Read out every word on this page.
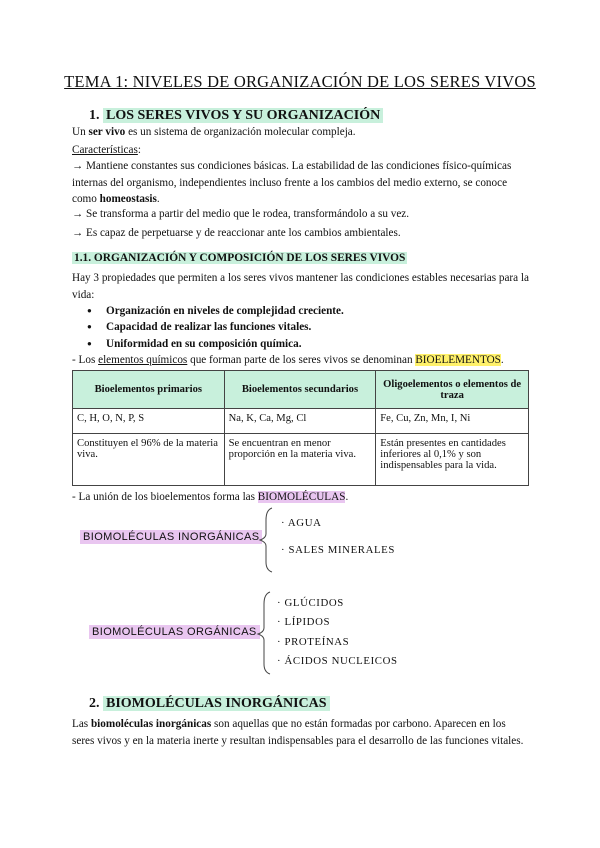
TEMA 1: NIVELES DE ORGANIZACIÓN DE LOS SERES VIVOS
1. LOS SERES VIVOS Y SU ORGANIZACIÓN
Un ser vivo es un sistema de organización molecular compleja.
Características:
→ Mantiene constantes sus condiciones básicas. La estabilidad de las condiciones físico-químicas internas del organismo, independientes incluso frente a los cambios del medio externo, se conoce como homeostasis.
→ Se transforma a partir del medio que le rodea, transformándolo a su vez.
→ Es capaz de perpetuarse y de reaccionar ante los cambios ambientales.
1.1. ORGANIZACIÓN Y COMPOSICIÓN DE LOS SERES VIVOS
Hay 3 propiedades que permiten a los seres vivos mantener las condiciones estables necesarias para la vida:
● Organización en niveles de complejidad creciente.
● Capacidad de realizar las funciones vitales.
● Uniformidad en su composición química.
- Los elementos químicos que forman parte de los seres vivos se denominan BIOELEMENTOS.
Bioelementos primarios	Bioelementos secundarios	Oligoelementos o elementos de traza
C, H, O, N, P, S	Na, K, Ca, Mg, Cl	Fe, Cu, Zn, Mn, I, Ni
Constituyen el 96% de la materia viva.	Se encuentran en menor proporción en la materia viva.	Están presentes en cantidades inferiores al 0,1% y son indispensables para la vida.
- La unión de los bioelementos forma las BIOMOLÉCULAS.
BIOMOLÉCULAS INORGÁNICAS
· AGUA
· SALES MINERALES
BIOMOLÉCULAS ORGÁNICAS
· GLÚCIDOS
· LÍPIDOS
· PROTEÍNAS
· ÁCIDOS NUCLEICOS
2. BIOMOLÉCULAS INORGÁNICAS
Las biomoléculas inorgánicas son aquellas que no están formadas por carbono. Aparecen en los seres vivos y en la materia inerte y resultan indispensables para el desarrollo de las funciones vitales.
